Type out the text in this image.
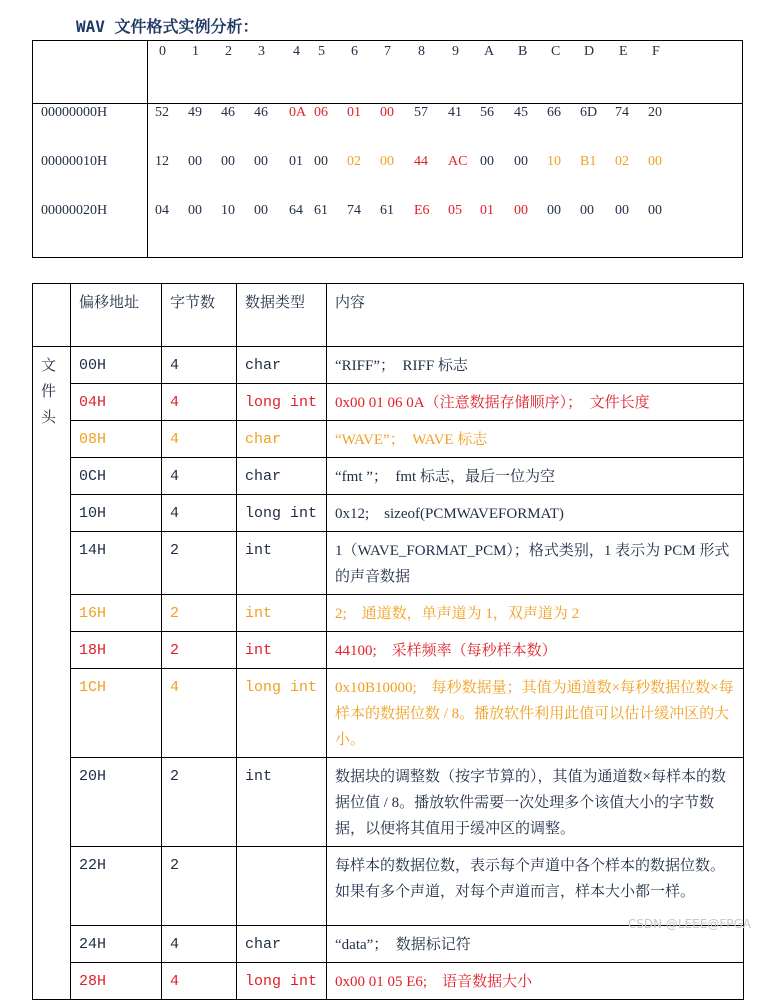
WAV 文件格式实例分析：
0 1 2 3 4 5 6 7 8 9 A B C D E F
00000000H	52 49 46 46 0A 06 01 00 57 41 56 45 66 6D 74 20
00000010H	12 00 00 00 01 00 02 00 44 AC 00 00 10 B1 02 00
00000020H	04 00 10 00 64 61 74 61 E6 05 01 00 00 00 00 00
	偏移地址	字节数	数据类型	内容
文件头	00H	4	char	“RIFF”；　RIFF 标志
	04H	4	long int	0x00 01 06 0A（注意数据存储顺序）；　文件长度
	08H	4	char	“WAVE”；　WAVE 标志
	0CH	4	char	“fmt ”；　fmt 标志，最后一位为空
	10H	4	long int	0x12;　sizeof(PCMWAVEFORMAT)
	14H	2	int	1（WAVE_FORMAT_PCM）；格式类别，1 表示为 PCM 形式的声音数据
	16H	2	int	2;　通道数，单声道为 1，双声道为 2
	18H	2	int	44100;　采样频率（每秒样本数）
	1CH	4	long int	0x10B10000;　每秒数据量；其值为通道数×每秒数据位数×每样本的数据位数 / 8。播放软件利用此值可以估计缓冲区的大小。
	20H	2	int	数据块的调整数（按字节算的），其值为通道数×每样本的数据位值 / 8。播放软件需要一次处理多个该值大小的字节数据，以便将其值用于缓冲区的调整。
	22H	2		每样本的数据位数，表示每个声道中各个样本的数据位数。如果有多个声道，对每个声道而言，样本大小都一样。
	24H	4	char	“data”；　数据标记符
	28H	4	long int	0x00 01 05 E6;　语音数据大小
CSDN @LEEE@FPGA
